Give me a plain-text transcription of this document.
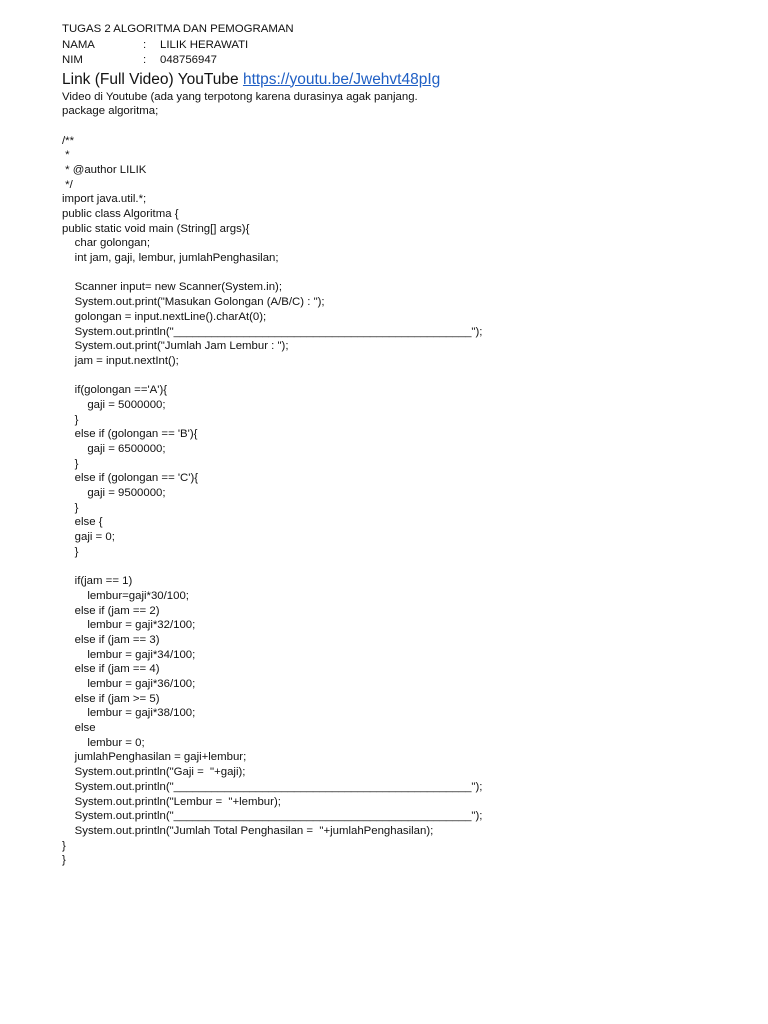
TUGAS 2 ALGORITMA DAN PEMOGRAMAN
NAMA	:	LILIK HERAWATI
NIM	:	048756947
Link (Full Video) YouTube https://youtu.be/Jwehvt48pIg
Video di Youtube (ada yang terpotong karena durasinya agak panjang.
package algoritma;

/**
*
* @author LILIK
*/
import java.util.*;
public class Algoritma {
public static void main (String[] args){
char golongan;
int jam, gaji, lembur, jumlahPenghasilan;

Scanner input= new Scanner(System.in);
System.out.print("Masukan Golongan (A/B/C) : ");
golongan = input.nextLine().charAt(0);
System.out.println("_______________________________________________");
System.out.print("Jumlah Jam Lembur : ");
jam = input.nextInt();

if(golongan =='A'){
gaji = 5000000;
}
else if (golongan == 'B'){
gaji = 6500000;
}
else if (golongan == 'C'){
gaji = 9500000;
}
else {
gaji = 0;
}

if(jam == 1)
lembur=gaji*30/100;
else if (jam == 2)
lembur = gaji*32/100;
else if (jam == 3)
lembur = gaji*34/100;
else if (jam == 4)
lembur = gaji*36/100;
else if (jam >= 5)
lembur = gaji*38/100;
else
lembur = 0;
jumlahPenghasilan = gaji+lembur;
System.out.println("Gaji =  "+gaji);
System.out.println("_______________________________________________");
System.out.println("Lembur =  "+lembur);
System.out.println("_______________________________________________");
System.out.println("Jumlah Total Penghasilan =  "+jumlahPenghasilan);
}
}
